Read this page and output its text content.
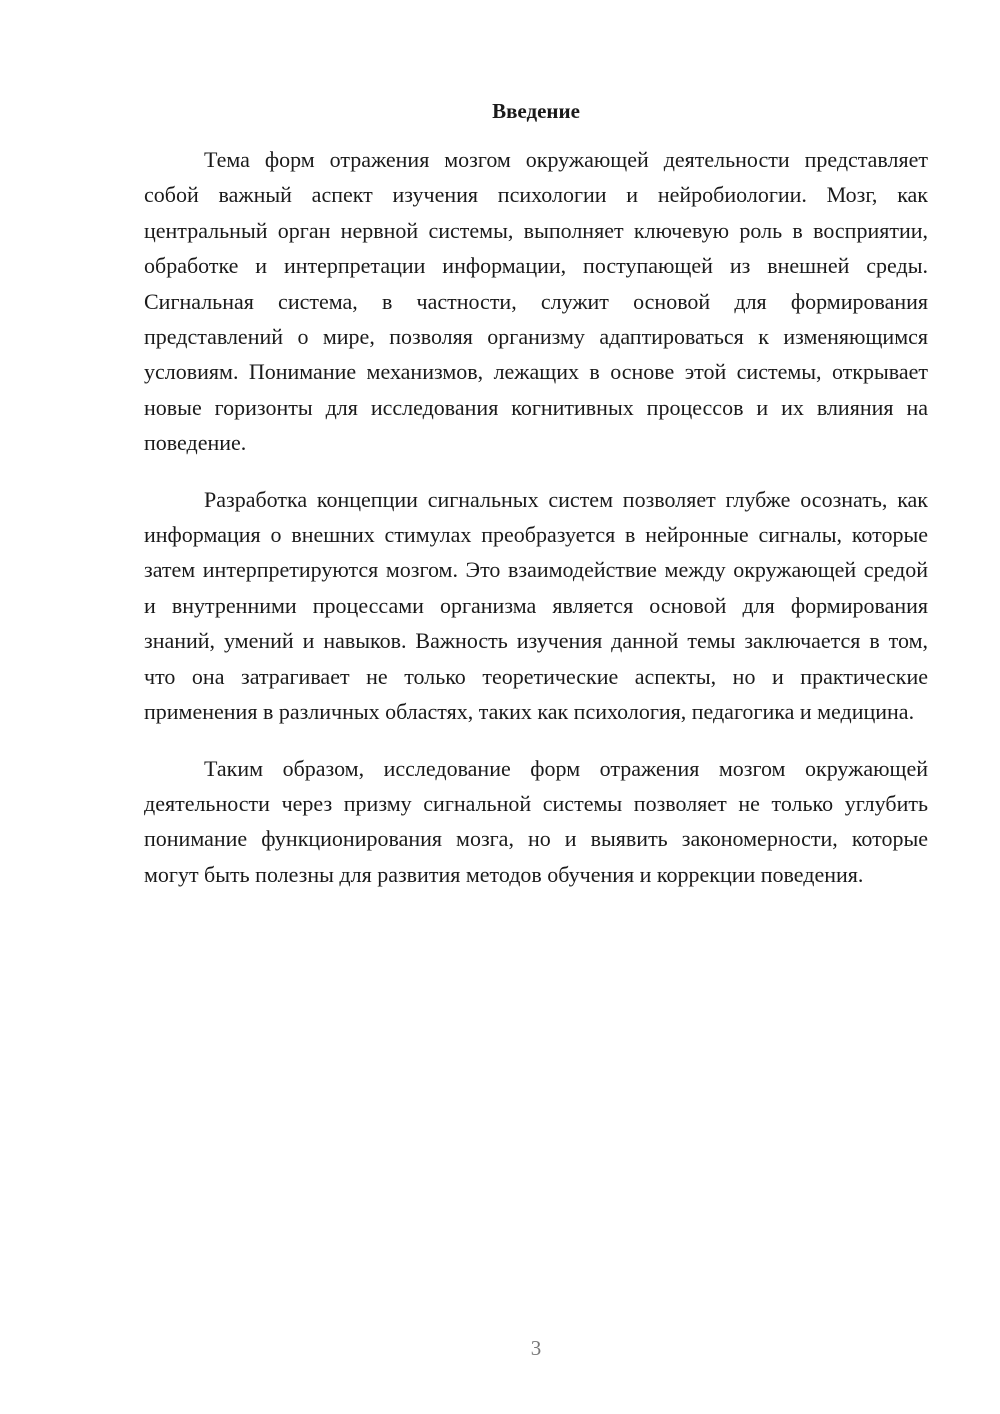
Введение

Тема форм отражения мозгом окружающей деятельности представляет собой важный аспект изучения психологии и нейробиологии. Мозг, как центральный орган нервной системы, выполняет ключевую роль в восприятии, обработке и интерпретации информации, поступающей из внешней среды. Сигнальная система, в частности, служит основой для формирования представлений о мире, позволяя организму адаптироваться к изменяющимся условиям. Понимание механизмов, лежащих в основе этой системы, открывает новые горизонты для исследования когнитивных процессов и их влияния на поведение.

Разработка концепции сигнальных систем позволяет глубже осознать, как информация о внешних стимулах преобразуется в нейронные сигналы, которые затем интерпретируются мозгом. Это взаимодействие между окружающей средой и внутренними процессами организма является основой для формирования знаний, умений и навыков. Важность изучения данной темы заключается в том, что она затрагивает не только теоретические аспекты, но и практические применения в различных областях, таких как психология, педагогика и медицина.

Таким образом, исследование форм отражения мозгом окружающей деятельности через призму сигнальной системы позволяет не только углубить понимание функционирования мозга, но и выявить закономерности, которые могут быть полезны для развития методов обучения и коррекции поведения.

3
